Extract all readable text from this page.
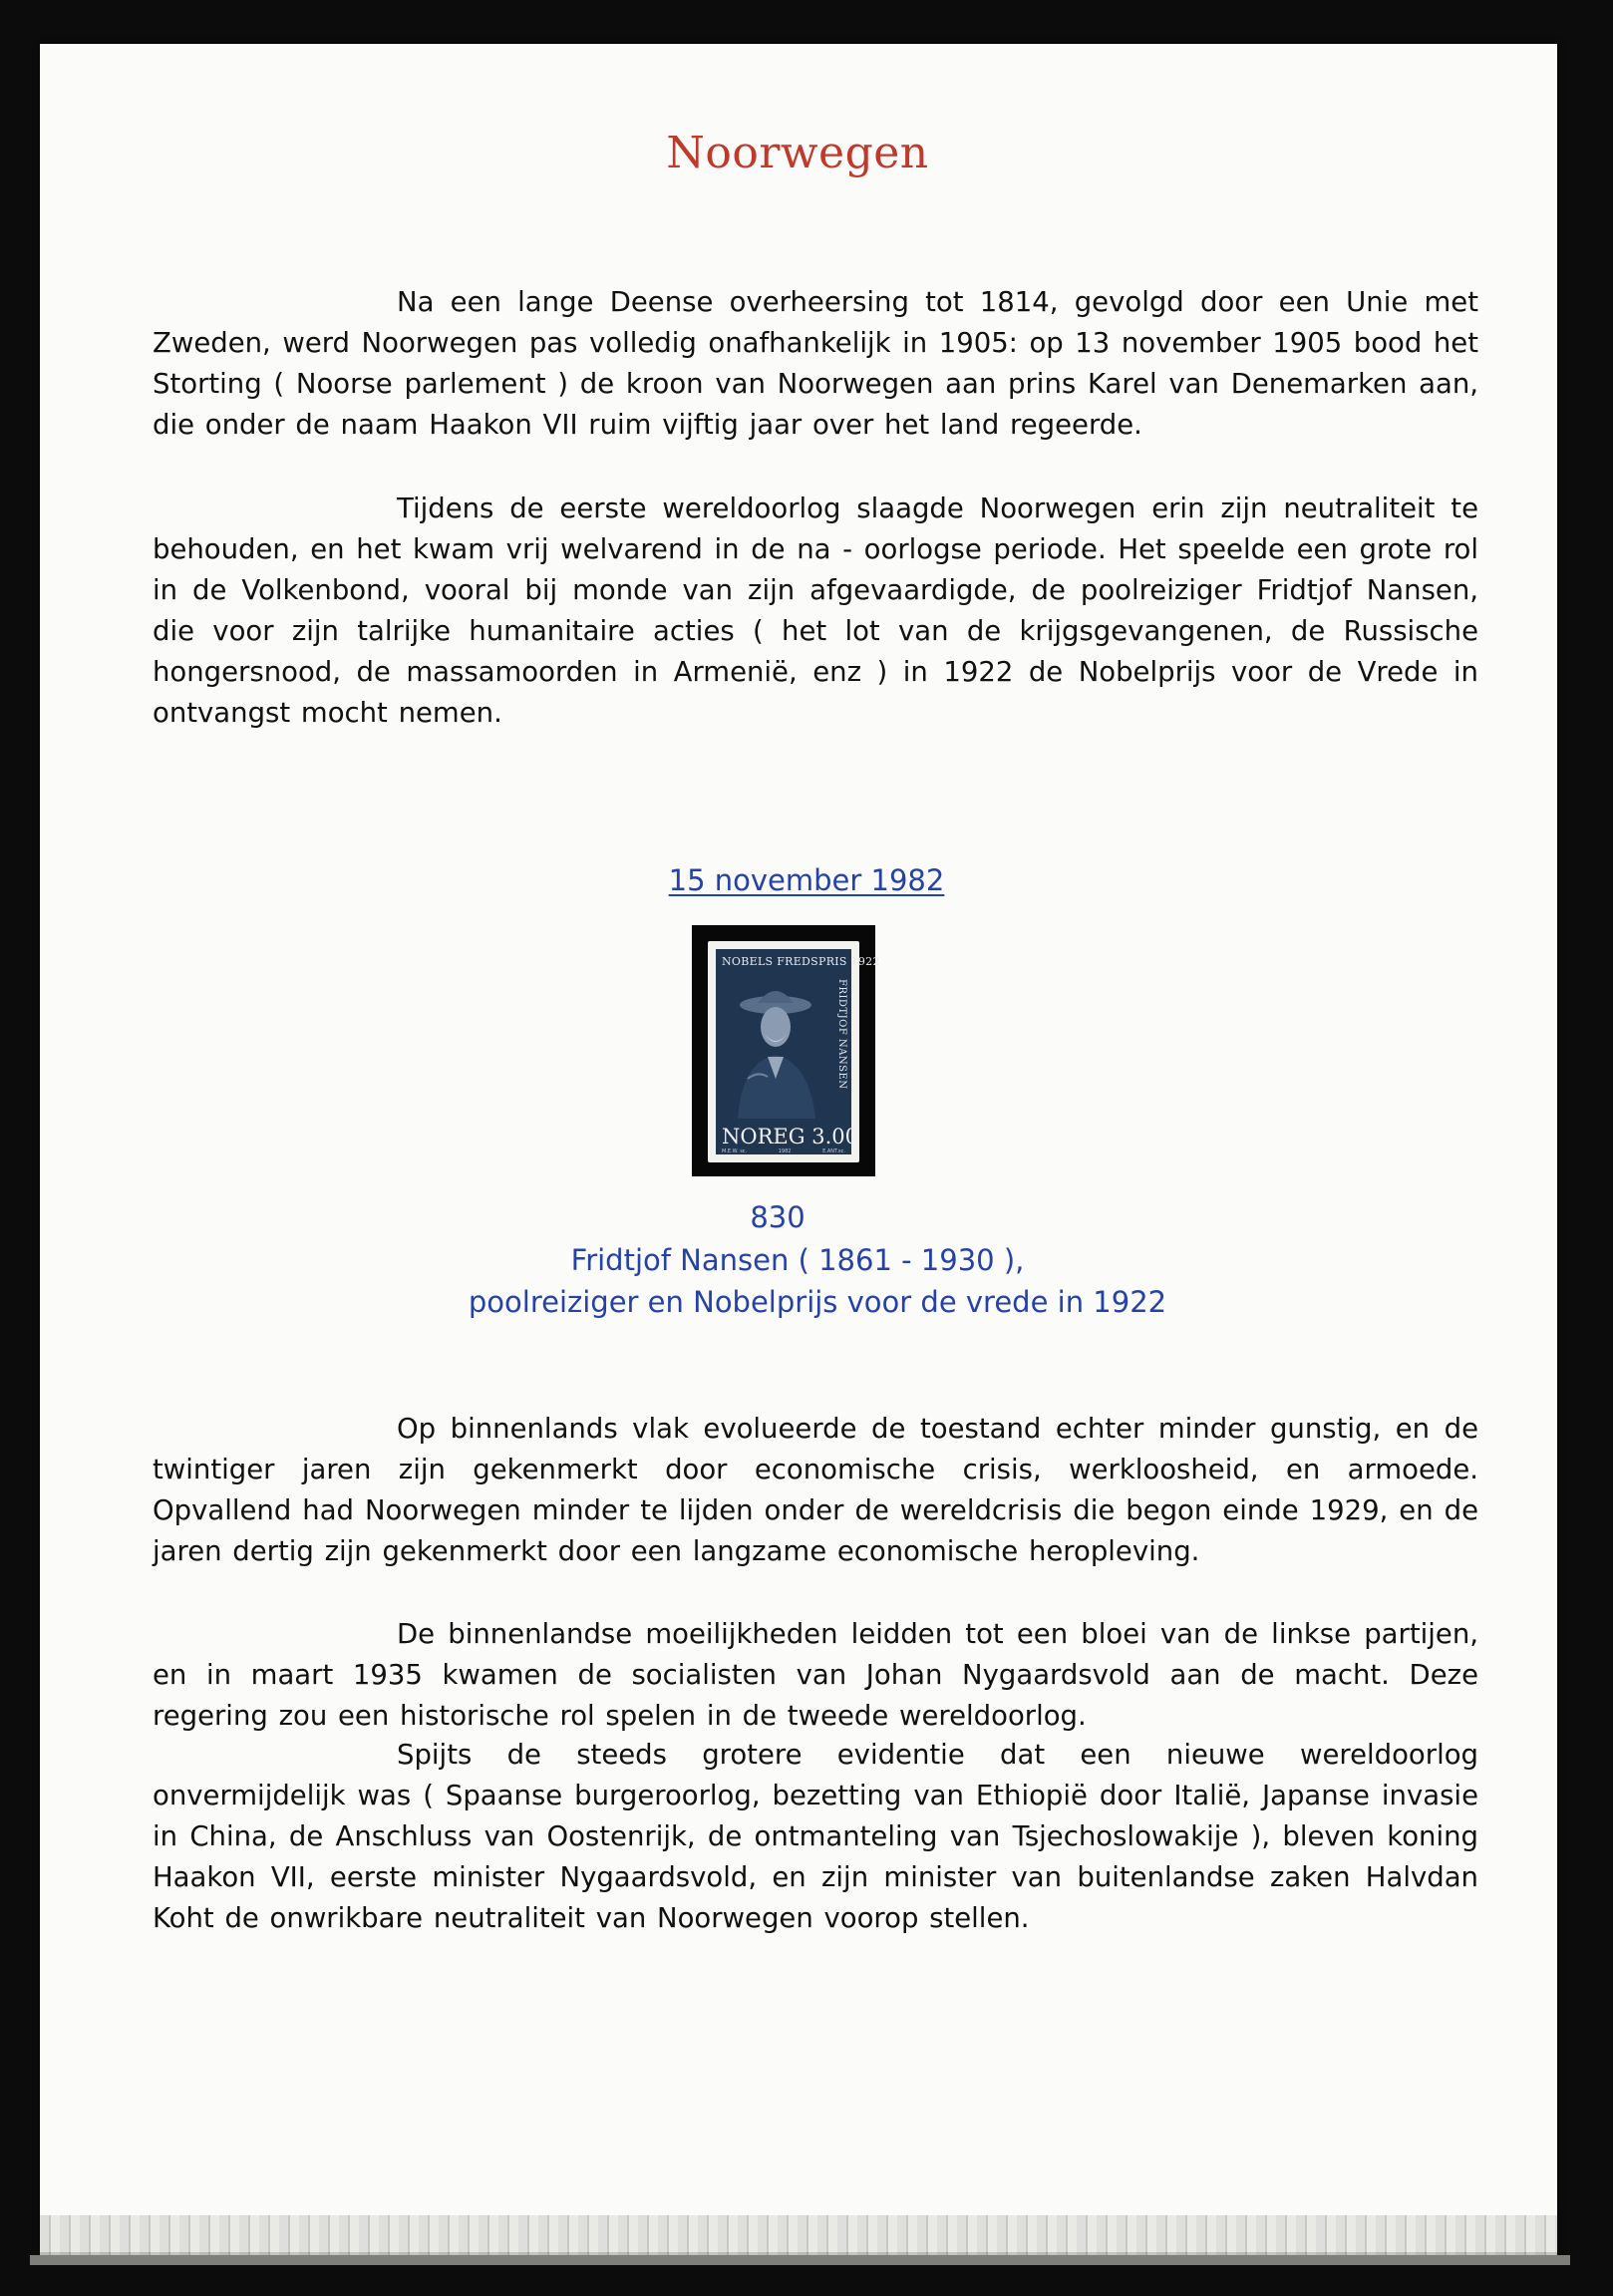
Noorwegen

Na een lange Deense overheersing tot 1814, gevolgd door een Unie met Zweden, werd Noorwegen pas volledig onafhankelijk in 1905: op 13 november 1905 bood het Storting ( Noorse parlement ) de kroon van Noorwegen aan prins Karel van Denemarken aan, die onder de naam Haakon VII ruim vijftig jaar over het land regeerde.

Tijdens de eerste wereldoorlog slaagde Noorwegen erin zijn neutraliteit te behouden, en het kwam vrij welvarend in de na - oorlogse periode. Het speelde een grote rol in de Volkenbond, vooral bij monde van zijn afgevaardigde, de poolreiziger Fridtjof Nansen, die voor zijn talrijke humanitaire acties ( het lot van de krijgsgevangenen, de Russische hongersnood, de massamoorden in Armenië, enz ) in 1922 de Nobelprijs voor de Vrede in ontvangst mocht nemen.

15 november 1982
NOBELS FREDSPRIS 1922
FRIDTJOF NANSEN
NOREG 3.00
M.E.W. sc.	1982	E.ANT.sc.
830
Fridtjof Nansen ( 1861 - 1930 ),
poolreiziger en Nobelprijs voor de vrede in 1922

Op binnenlands vlak evolueerde de toestand echter minder gunstig, en de twintiger jaren zijn gekenmerkt door economische crisis, werkloosheid, en armoede. Opvallend had Noorwegen minder te lijden onder de wereldcrisis die begon einde 1929, en de jaren dertig zijn gekenmerkt door een langzame economische heropleving.

De binnenlandse moeilijkheden leidden tot een bloei van de linkse partijen, en in maart 1935 kwamen de socialisten van Johan Nygaardsvold aan de macht. Deze regering zou een historische rol spelen in de tweede wereldoorlog.

Spijts de steeds grotere evidentie dat een nieuwe wereldoorlog onvermijdelijk was ( Spaanse burgeroorlog, bezetting van Ethiopië door Italië, Japanse invasie in China, de Anschluss van Oostenrijk, de ontmanteling van Tsjechoslowakije ), bleven koning Haakon VII, eerste minister Nygaardsvold, en zijn minister van buitenlandse zaken Halvdan Koht de onwrikbare neutraliteit van Noorwegen voorop stellen.
